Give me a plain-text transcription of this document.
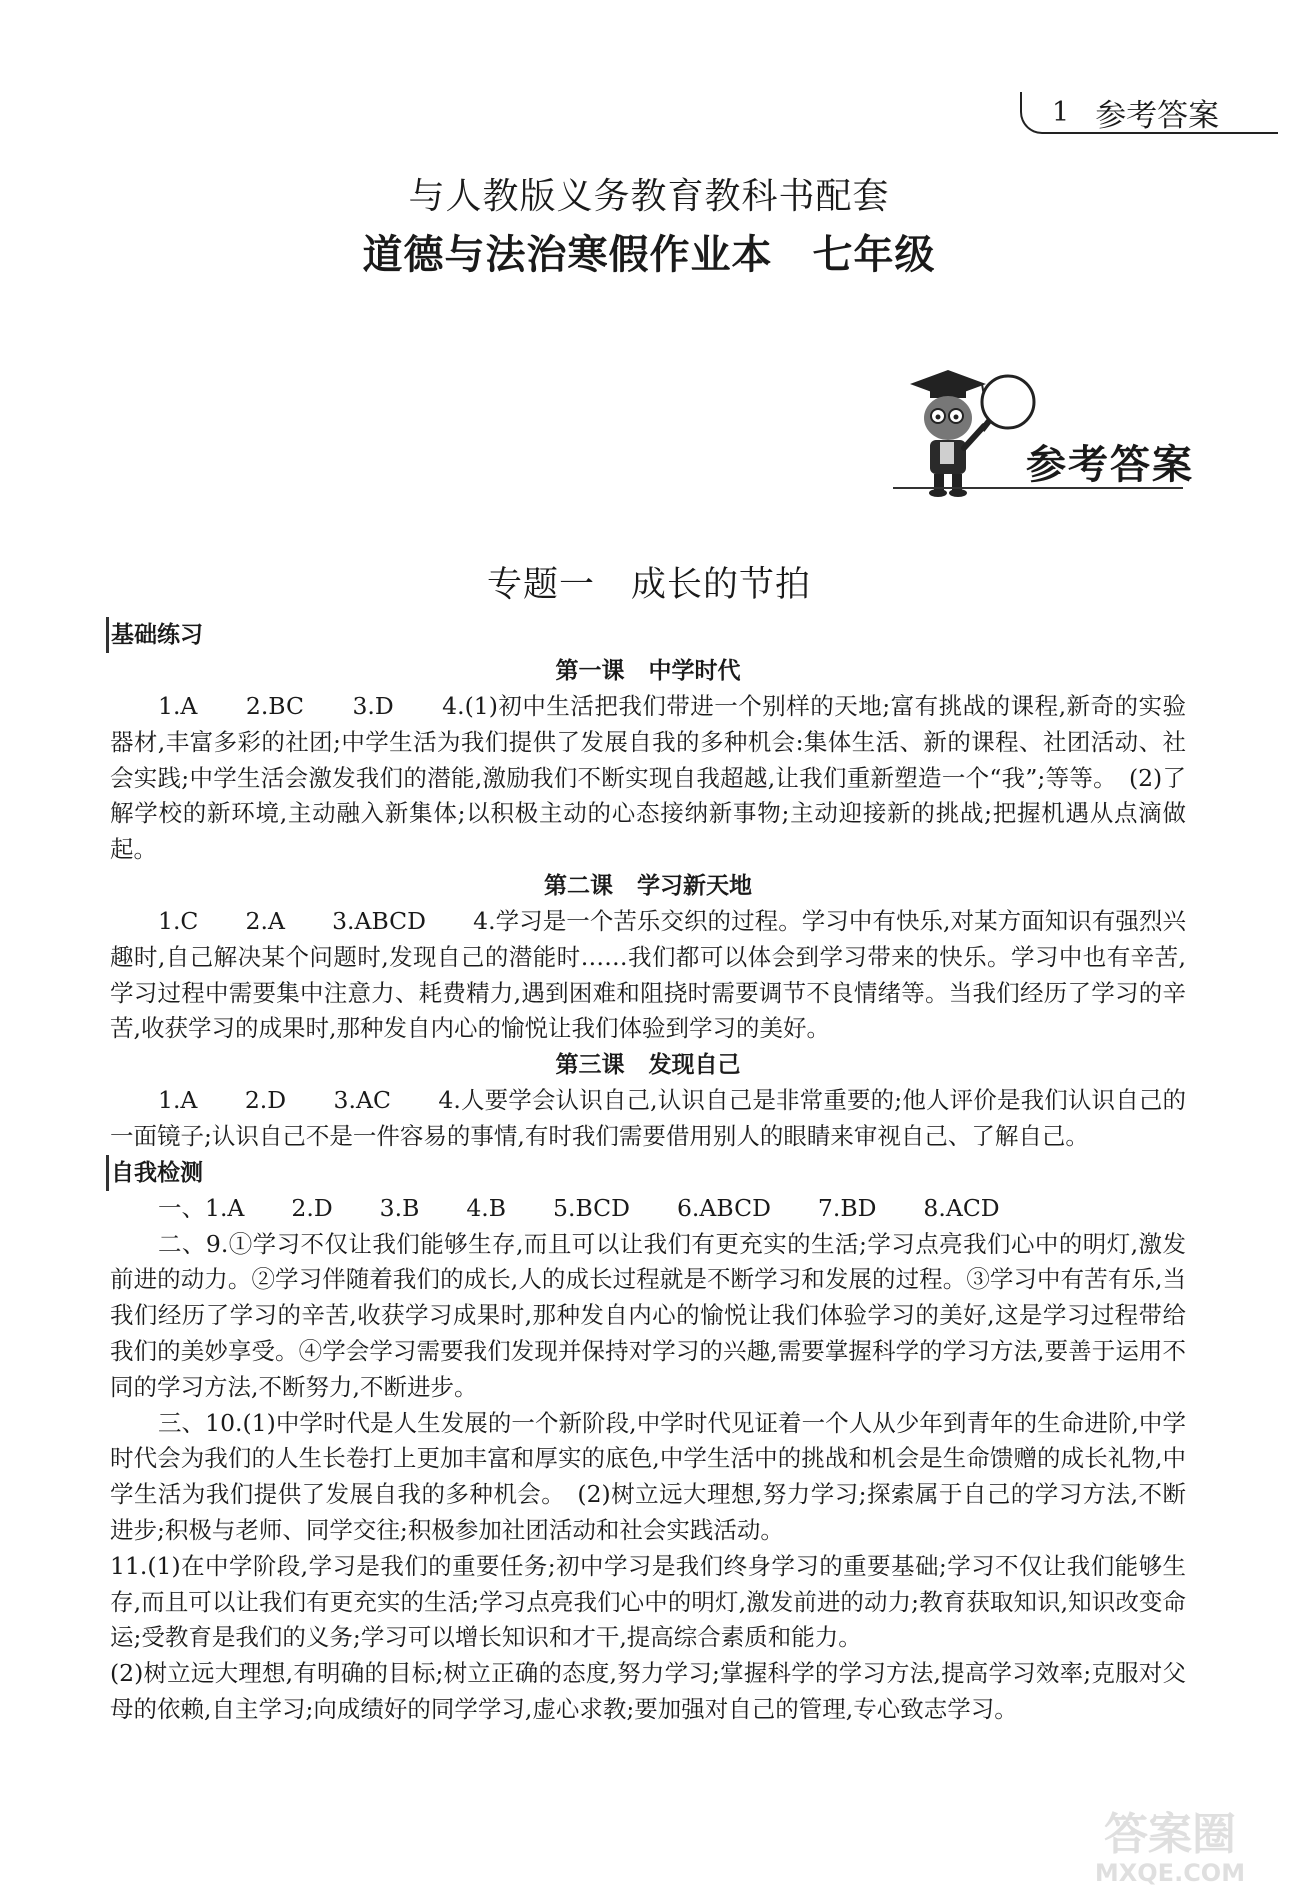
1 参考答案
与人教版义务教育教科书配套
道德与法治寒假作业本 七年级
参考答案
专题一 成长的节拍
基础练习
第一课 中学时代

1.A　　2.BC　　3.D　　4.(1)初中生活把我们带进一个别样的天地;富有挑战的课程,新奇的实验器材,丰富多彩的社团;中学生活为我们提供了发展自我的多种机会:集体生活、新的课程、社团活动、社会实践;中学生活会激发我们的潜能,激励我们不断实现自我超越,让我们重新塑造一个“我”;等等。　(2)了解学校的新环境,主动融入新集体;以积极主动的心态接纳新事物;主动迎接新的挑战;把握机遇从点滴做起。

第二课 学习新天地

1.C　　2.A　　3.ABCD　　4.学习是一个苦乐交织的过程。学习中有快乐,对某方面知识有强烈兴趣时,自己解决某个问题时,发现自己的潜能时……我们都可以体会到学习带来的快乐。学习中也有辛苦,学习过程中需要集中注意力、耗费精力,遇到困难和阻挠时需要调节不良情绪等。当我们经历了学习的辛苦,收获学习的成果时,那种发自内心的愉悦让我们体验到学习的美好。

第三课 发现自己

1.A　　2.D　　3.AC　　4.人要学会认识自己,认识自己是非常重要的;他人评价是我们认识自己的一面镜子;认识自己不是一件容易的事情,有时我们需要借用别人的眼睛来审视自己、了解自己。

自我检测

一、1.A　　2.D　　3.B　　4.B　　5.BCD　　6.ABCD　　7.BD　　8.ACD

二、9.①学习不仅让我们能够生存,而且可以让我们有更充实的生活;学习点亮我们心中的明灯,激发前进的动力。②学习伴随着我们的成长,人的成长过程就是不断学习和发展的过程。③学习中有苦有乐,当我们经历了学习的辛苦,收获学习成果时,那种发自内心的愉悦让我们体验学习的美好,这是学习过程带给我们的美妙享受。④学会学习需要我们发现并保持对学习的兴趣,需要掌握科学的学习方法,要善于运用不同的学习方法,不断努力,不断进步。

三、10.(1)中学时代是人生发展的一个新阶段,中学时代见证着一个人从少年到青年的生命进阶,中学时代会为我们的人生长卷打上更加丰富和厚实的底色,中学生活中的挑战和机会是生命馈赠的成长礼物,中学生活为我们提供了发展自我的多种机会。　(2)树立远大理想,努力学习;探索属于自己的学习方法,不断进步;积极与老师、同学交往;积极参加社团活动和社会实践活动。

11.(1)在中学阶段,学习是我们的重要任务;初中学习是我们终身学习的重要基础;学习不仅让我们能够生存,而且可以让我们有更充实的生活;学习点亮我们心中的明灯,激发前进的动力;教育获取知识,知识改变命运;受教育是我们的义务;学习可以增长知识和才干,提高综合素质和能力。

(2)树立远大理想,有明确的目标;树立正确的态度,努力学习;掌握科学的学习方法,提高学习效率;克服对父母的依赖,自主学习;向成绩好的同学学习,虚心求教;要加强对自己的管理,专心致志学习。

答案圈
MXQE.COM
